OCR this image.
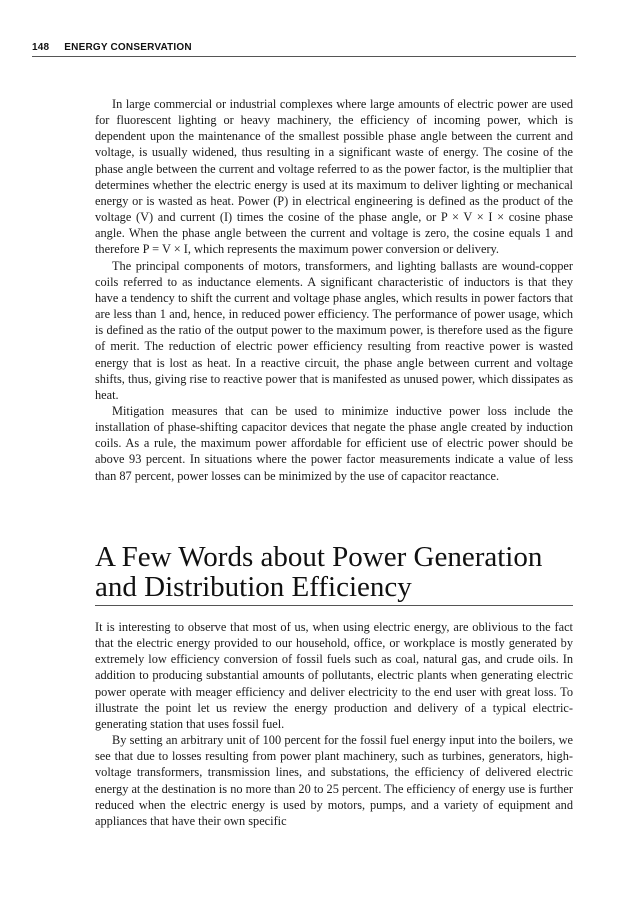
148 ENERGY CONSERVATION

In large commercial or industrial complexes where large amounts of electric power are used for fluorescent lighting or heavy machinery, the efficiency of incoming power, which is dependent upon the maintenance of the smallest possible phase angle between the current and voltage, is usually widened, thus resulting in a significant waste of energy. The cosine of the phase angle between the current and voltage referred to as the power factor, is the multiplier that determines whether the electric energy is used at its maximum to deliver lighting or mechanical energy or is wasted as heat. Power (P) in electrical engineering is defined as the product of the voltage (V) and current (I) times the cosine of the phase angle, or P × V × I × cosine phase angle. When the phase angle between the current and voltage is zero, the cosine equals 1 and therefore P = V × I, which represents the maximum power conversion or delivery.

The principal components of motors, transformers, and lighting ballasts are wound-copper coils referred to as inductance elements. A significant characteristic of inductors is that they have a tendency to shift the current and voltage phase angles, which results in power factors that are less than 1 and, hence, in reduced power efficiency. The performance of power usage, which is defined as the ratio of the output power to the maximum power, is therefore used as the figure of merit. The reduction of electric power efficiency resulting from reactive power is wasted energy that is lost as heat. In a reactive circuit, the phase angle between current and voltage shifts, thus, giving rise to reactive power that is manifested as unused power, which dissipates as heat.

Mitigation measures that can be used to minimize inductive power loss include the installation of phase-shifting capacitor devices that negate the phase angle created by induction coils. As a rule, the maximum power affordable for efficient use of electric power should be above 93 percent. In situations where the power factor measurements indicate a value of less than 87 percent, power losses can be minimized by the use of capacitor reactance.

A Few Words about Power Generation
and Distribution Efficiency

It is interesting to observe that most of us, when using electric energy, are oblivious to the fact that the electric energy provided to our household, office, or workplace is mostly generated by extremely low efficiency conversion of fossil fuels such as coal, natural gas, and crude oils. In addition to producing substantial amounts of pollutants, electric plants when generating electric power operate with meager efficiency and deliver electricity to the end user with great loss. To illustrate the point let us review the energy production and delivery of a typical electric-generating station that uses fossil fuel.

By setting an arbitrary unit of 100 percent for the fossil fuel energy input into the boilers, we see that due to losses resulting from power plant machinery, such as turbines, generators, high-voltage transformers, transmission lines, and substations, the efficiency of delivered electric energy at the destination is no more than 20 to 25 percent. The efficiency of energy use is further reduced when the electric energy is used by motors, pumps, and a variety of equipment and appliances that have their own specific
